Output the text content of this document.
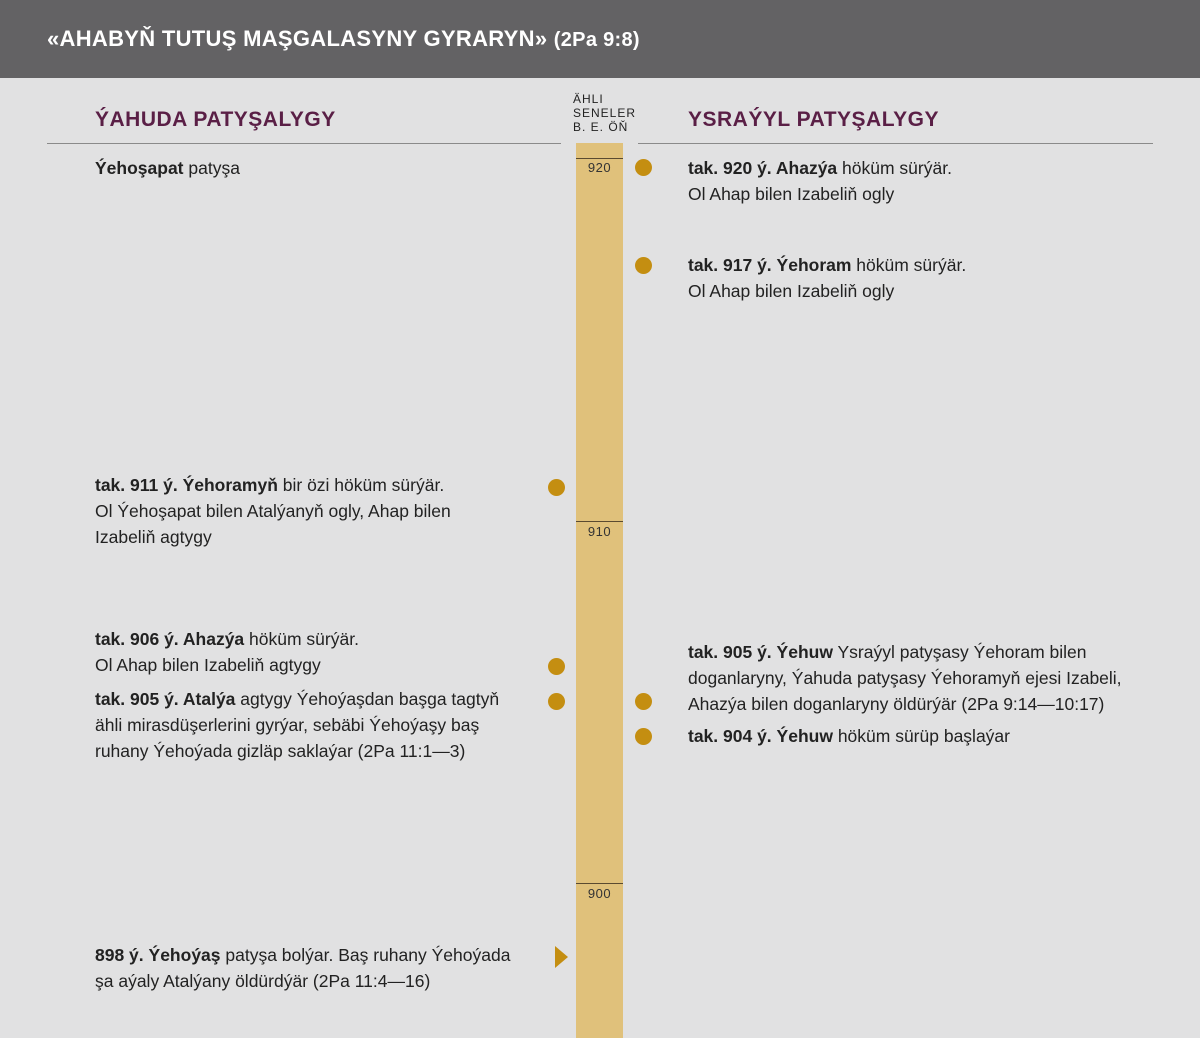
«AHABYŇ TUTUŞ MAŞGALASYNY GYRARYN» (2Pa 9:8)
ÝAHUDA PATYŞALYGY	YSRAÝYL PATYŞALYGY
ÄHLI
SENELER
B. E. ÖŇ
920
910
900
Ýehoşapat patyşa
tak. 911 ý. Ýehoramyň bir özi höküm sürýär.
Ol Ýehoşapat bilen Atalýanyň ogly, Ahap bilen
Izabeliň agtygy
tak. 906 ý. Ahazýa höküm sürýär.
Ol Ahap bilen Izabeliň agtygy
tak. 905 ý. Atalýa agtygy Ýehoýaşdan başga tagtyň
ähli mirasdüşerlerini gyrýar, sebäbi Ýehoýaşy baş
ruhany Ýehoýada gizläp saklaýar (2Pa 11:1—3)
898 ý. Ýehoýaş patyşa bolýar. Baş ruhany Ýehoýada
şa aýaly Atalýany öldürdýär (2Pa 11:4—16)
tak. 920 ý. Ahazýa höküm sürýär.
Ol Ahap bilen Izabeliň ogly
tak. 917 ý. Ýehoram höküm sürýär.
Ol Ahap bilen Izabeliň ogly
tak. 905 ý. Ýehuw Ysraýyl patyşasy Ýehoram bilen
doganlaryny, Ýahuda patyşasy Ýehoramyň ejesi Izabeli,
Ahazýa bilen doganlaryny öldürýär (2Pa 9:14—10:17)
tak. 904 ý. Ýehuw höküm sürüp başlaýar
